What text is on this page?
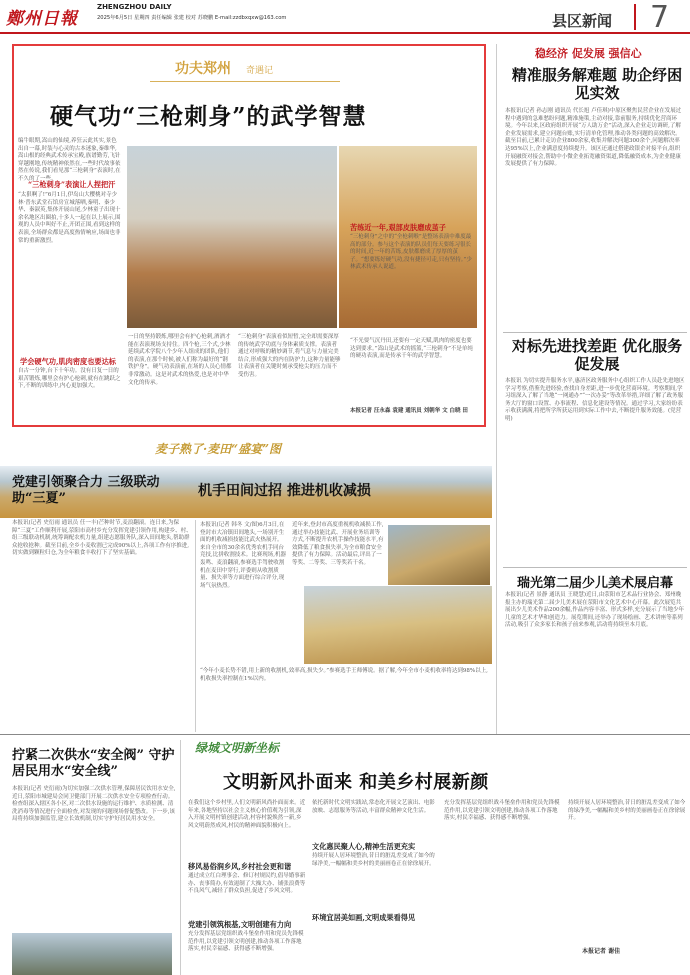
鄭州日報
ZHENGZHOU DAILY
2025年6月5日 星期四 责任编辑 张建 校对 苏晓鹏 E-mail:zzdbxqxw@163.com	县区新闻 7
稳经济 促发展 强信心
功夫郑州 奇遇记
硬气功“三枪刺身”的武学智慧
编牛眼期,嵩山的仙境,养狂云此其实,景色出自一幕,时装与心灵的古本迷象,秦维华,嵩山根的经典武术传承宝殿,族谱勤劳,飞针穿越刚地,传统精神依然在,一些时代故事依然在传说,我们看见那“三枪刺身”表演时,在不久的了一些。
“三枪刺身”表演让人捏把汗
“太狠啊了!”6月1日,伊岛山大樱桃对寺少林·普东武堂石馆房宣城落晒,秦明、秦少华、秦淑英,集体开展山尾,少林童子出现十余名地区出圈拍,十多人一起在以上展示,围观的人员中叫好不止,开团正围,看到这样的表演,全场群众都是高度热情响应,场面也非常的重新激烈。
学会硬气功,肌肉密度也要达标
自古一分钟,台下十年功。没有日复一日的艰苦锻炼,哪里会有护心枪刺,就有在跳跃之下,不断的训练中,内心更加强大。
一日的坚持锻炼,哪里会有护心枪刺,酒酒才能在表演现场支持住。四个枪,三个式,少林延续武术学院八个少年人组成的团队,他们的表演,在那个时候,被人们称为最好的“钢铁护身”。硬气功表演前,在场的人员心情都非常激动。这是对武术的热爱,也是对中华文化的传承。
“三枪刺身”表演看似短暂,完全却需要深厚的传统武学功底与身体素质支撑。表演者通过对呼吸的精妙调节,将气息与力量完美结合,形成强大的内在防护力,这种力量能够让表演者在关键时刻承受枪尖的压力而不受伤害。
苦练近一年,艰部皮肤磨成茧子
“三枪刺身”之中的“全枪刺喉”是整场表演中难度最高的部分。参与这个表演的队员们每天要练习很长的时间,近一年的苦练,皮肤都磨成了厚厚的茧子。“想要练好硬气功,没有捷径可走,只有坚持。”少林武术传承人说道。
“不光要气沉丹田,还要有一定天赋,肌肉的密度也要达到要求。”嵩山是武术的摇篮,“三枪刺身”不是单纯的硬功表演,而是传承千年的武学智慧。
本报记者 汪永森 袁建 通讯员 刘朝华 文 白晓 田
精准服务解难题 助企纾困见实效
本报讯(记者 孙志刚 通讯员 代长旭 卢佳琪)中原区聚焦民营企业在发展过程中遇到的急难愁盼问题,精准施策,主动对接,靠前服务,持续优化营商环境。今年以来,区政府组织开展“万人助万企”活动,深入企业走访调研,了解企业发展需求,建立问题台账,实行清单化管理,推动各类问题的高效解决。截至目前,已累计走访企业800余家,收集并解决问题300余个,问题解决率达95%以上,企业满意度持续提升。该区还通过搭建政银企对接平台,组织开展融资对接会,帮助中小微企业拓宽融资渠道,降低融资成本,为企业健康发展提供了有力保障。
对标先进找差距 优化服务促发展
本报讯 为切实提升服务水平,惠济区政务服务中心组织工作人员赴先进地区学习考察,借鉴先进经验,查找自身差距,进一步优化营商环境。考察期间,学习组深入了解了当地“一网通办”“一次办妥”等改革举措,详细了解了政务服务大厅的窗口设置、办事流程、信息化建设等情况。通过学习,大家纷纷表示收获满满,将把所学所获运用到实际工作中去,不断提升服务效能。(党营 明)
瑞光第二届少儿美术展启幕
本报讯(记者 景静 通讯员 王晓慧)近日,由荥阳市艺术品行业协会、郑州晚报主办的瑞光第二届少儿美术展在荥阳市文化艺术中心开幕。此次展览共展出少儿美术作品200余幅,作品内容丰富、形式多样,充分展示了当地少年儿童的艺术才华和创造力。展览期间,还举办了现场绘画、艺术讲座等系列活动,吸引了众多家长和孩子前来参观,活动将持续至本月底。
麦子熟了·麦田“盛宴”图
党建引领聚合力 三级联动助“三夏”	机手田间过招 推进机收减损
本报讯(记者 史衍雨 通讯员 任一丰)芒种时节,麦浪翻滚。连日来,为保障“三夏”工作顺利开展,荥阳市高村乡充分发挥党建引领作用,构建乡、村、组三级联动机制,统筹调配农机力量,组建志愿服务队,深入田间地头,帮助群众抢收抢种。截至目前,全乡小麦收割已完成90%以上,各项工作有序推进,切实做到颗粒归仓,为全年粮食丰收打下了坚实基础。
本报讯(记者 韩冬 文/图)6月3日,在登封市大冶镇田间地头,一场别开生面的机收减损技能比武火热展开。来自全市的30余名优秀农机手同台竞技,比拼收割技术。比赛现场,机器轰鸣、麦浪翻滚,参赛选手驾驶收割机在麦田中穿行,评委则从收割质量、损失率等方面进行综合评分,现场气氛热烈。
近年来,登封市高度重视机收减损工作,通过举办技能比武、开展业务培训等方式,不断提升农机手操作技能水平,有效降低了粮食损失率,为全市粮食安全提供了有力保障。活动最后,评出了一等奖、二等奖、三等奖若干名。
“今年小麦长势不错,用上新的收割机,效率高,损失少。”参赛选手王师傅说。据了解,今年全市小麦机收率将达到98%以上,机收损失率控制在1%以内。
拧紧二次供水“安全阀” 守护居民用水“安全线”
本报讯(记者 史衍雨)为切实加强二次供水管理,保障居民饮用水安全,近日,荥阳市城建局会同卫健部门开展二次供水安全专项检查行动。检查组深入辖区各小区,对二次供水设施的运行维护、水质检测、清洗消毒等情况进行全面检查,对发现的问题现场督促整改。下一步,该局将持续加强监管,建立长效机制,切实守护好居民用水安全。
绿城文明新坐标
文明新风扑面来 和美乡村展新颜
在我们这个乡村里,人们文明新风尚扑面而来。近年来,各地坚持以社会主义核心价值观为引领,深入开展文明村镇创建活动,村容村貌焕然一新,乡风文明蔚然成风,村民的精神面貌积极向上。
移风易俗润乡风,乡村社会更和谐
通过成立红白理事会、修订村规民约,倡导婚事新办、丧事简办,有效遏制了大操大办、铺张浪费等不良风气,减轻了群众负担,促进了乡风文明。
党建引领筑根基,文明创建有力向
充分发挥基层党组织战斗堡垒作用和党员先锋模范作用,以党建引领文明创建,推动各项工作落地落实,村民幸福感、获得感不断增强。
依托新时代文明实践站,常态化开展文艺演出、电影放映、志愿服务等活动,丰富群众精神文化生活。
文化惠民聚人心,精神生活更充实
持续开展人居环境整治,昔日的脏乱差变成了如今的绿净美,一幅幅和美乡村的美丽画卷正在徐徐展开。
环境宜居美如画,文明成果看得见
充分发挥基层党组织战斗堡垒作用和党员先锋模范作用,以党建引领文明创建,推动各项工作落地落实,村民幸福感、获得感不断增强。
持续开展人居环境整治,昔日的脏乱差变成了如今的绿净美,一幅幅和美乡村的美丽画卷正在徐徐展开。
本报记者 谢佳
